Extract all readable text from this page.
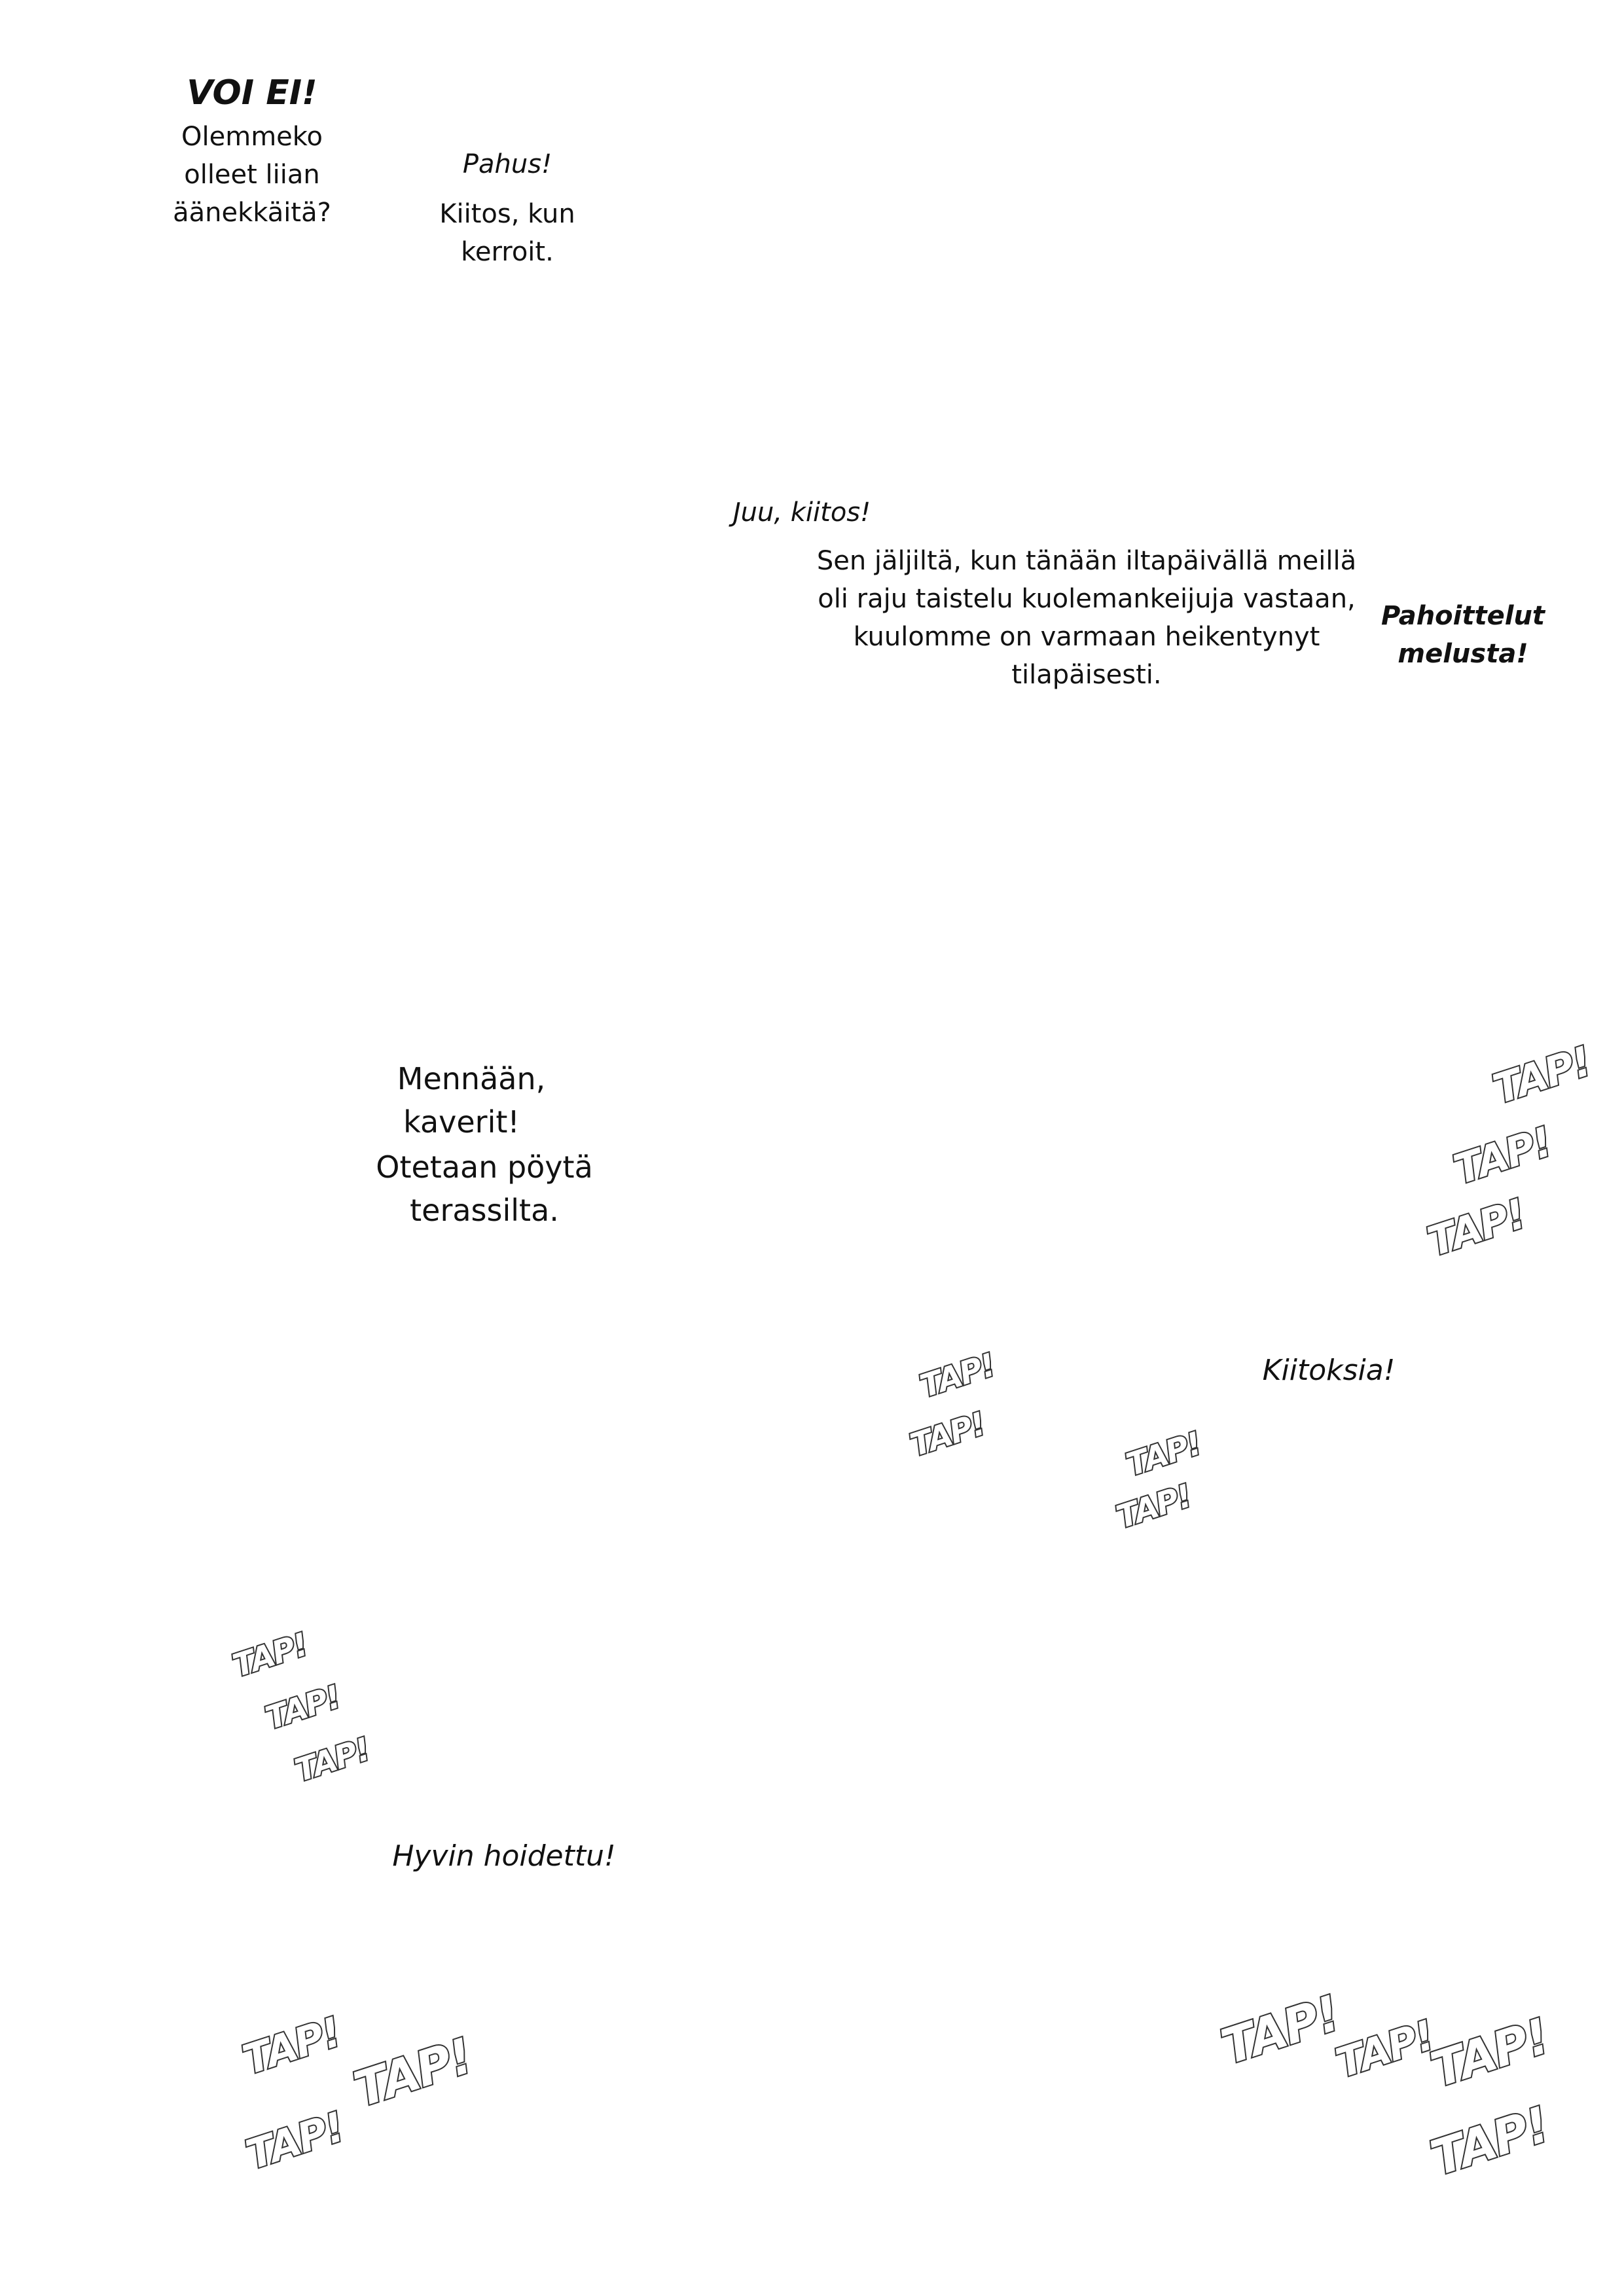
VOI EI!
Olemmeko
olleet liian
äänekkäitä?
Pahus!
Kiitos, kun
kerroit.
Juu, kiitos!
Sen jäljiltä, kun tänään iltapäivällä meillä
oli raju taistelu kuolemankeijuja vastaan,
kuulomme on varmaan heikentynyt
tilapäisesti.
Pahoittelut
melusta!
Mennään,
kaverit!
Otetaan pöytä
terassilta.
Kiitoksia!
Hyvin hoidettu!
TAP!
TAP!
TAP!
TAP!
TAP!	TAP!
TAP!
TAP!
TAP!
TAP!
TAP! TAP!
TAP!
TAP!
TAP!
TAP!
TAP!
